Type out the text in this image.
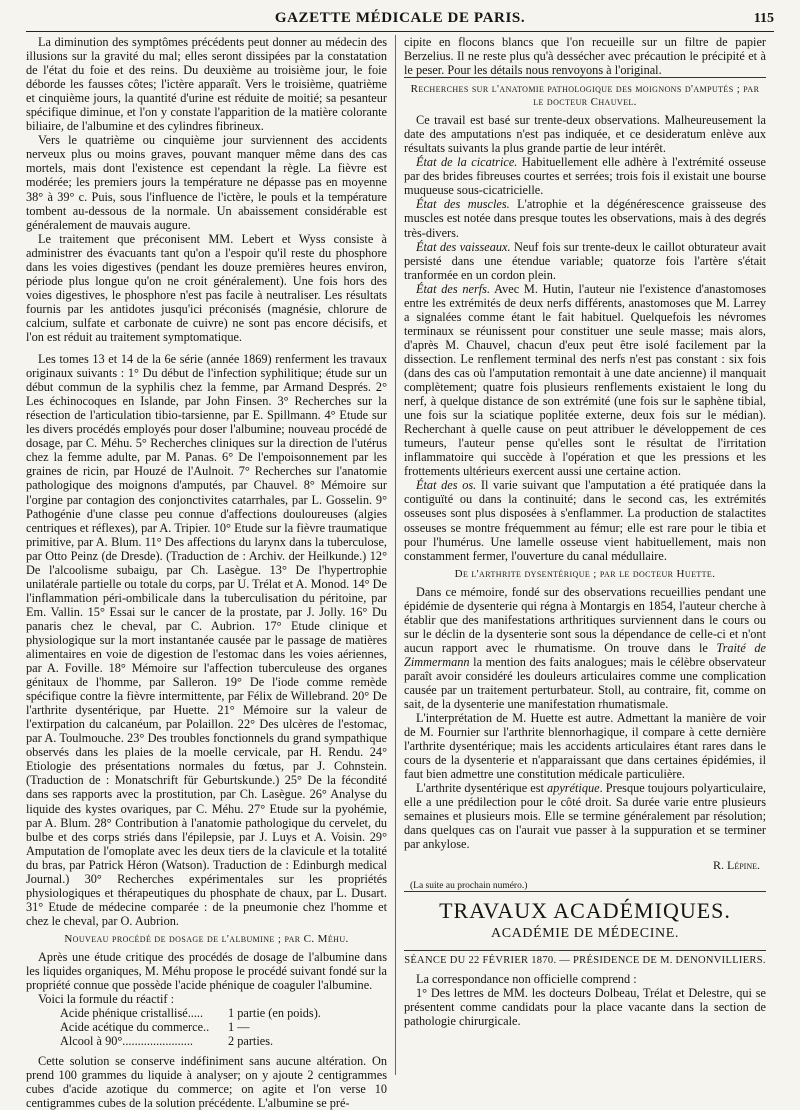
GAZETTE MÉDICALE DE PARIS.	115

La diminution des symptômes précédents peut donner au médecin des illusions sur la gravité du mal; elles seront dissipées par la constatation de l'état du foie et des reins. Du deuxième au troisième jour, le foie déborde les fausses côtes; l'ictère apparaît. Vers le troisième, quatrième et cinquième jours, la quantité d'urine est réduite de moitié; sa pesanteur spécifique diminue, et l'on y constate l'apparition de la matière colorante biliaire, de l'albumine et des cylindres fibrineux.

Vers le quatrième ou cinquième jour surviennent des accidents nerveux plus ou moins graves, pouvant manquer même dans des cas mortels, mais dont l'existence est cependant la règle. La fièvre est modérée; les premiers jours la température ne dépasse pas en moyenne 38° à 39° c. Puis, sous l'influence de l'ictère, le pouls et la température tombent au-dessous de la normale. Un abaissement considérable est généralement de mauvais augure.

Le traitement que préconisent MM. Lebert et Wyss consiste à administrer des évacuants tant qu'on a l'espoir qu'il reste du phosphore dans les voies digestives (pendant les douze premières heures environ, période plus longue qu'on ne croit généralement). Une fois hors des voies digestives, le phosphore n'est pas facile à neutraliser. Les résultats fournis par les antidotes jusqu'ici préconisés (magnésie, chlorure de calcium, sulfate et carbonate de cuivre) ne sont pas encore décisifs, et l'on est réduit au traitement symptomatique.

Les tomes 13 et 14 de la 6e série (année 1869) renferment les travaux originaux suivants : 1° Du début de l'infection syphilitique; étude sur un début commun de la syphilis chez la femme, par Armand Després. 2° Les échinocoques en Islande, par John Finsen. 3° Recherches sur la résection de l'articulation tibio-tarsienne, par E. Spillmann. 4° Etude sur les divers procédés employés pour doser l'albumine; nouveau procédé de dosage, par C. Méhu. 5° Recherches cliniques sur la direction de l'utérus chez la femme adulte, par M. Panas. 6° De l'empoisonnement par les graines de ricin, par Houzé de l'Aulnoit. 7° Recherches sur l'anatomie pathologique des moignons d'amputés, par Chauvel. 8° Mémoire sur l'orgine par contagion des conjonctivites catarrhales, par L. Gosselin. 9° Pathogénie d'une classe peu connue d'affections douloureuses (algies centriques et réflexes), par A. Tripier. 10° Etude sur la fièvre traumatique primitive, par A. Blum. 11° Des affections du larynx dans la tuberculose, par Otto Peinz (de Dresde). (Traduction de : Archiv. der Heilkunde.) 12° De l'alcoolisme subaigu, par Ch. Lasègue. 13° De l'hypertrophie unilatérale partielle ou totale du corps, par U. Trélat et A. Monod. 14° De l'inflammation péri-ombilicale dans la tuberculisation du péritoine, par Em. Vallin. 15° Essai sur le cancer de la prostate, par J. Jolly. 16° Du panaris chez le cheval, par C. Aubrion. 17° Etude clinique et physiologique sur la mort instantanée causée par le passage de matières alimentaires en voie de digestion de l'estomac dans les voies aériennes, par A. Foville. 18° Mémoire sur l'affection tuberculeuse des organes génitaux de l'homme, par Salleron. 19° De l'iode comme remède spécifique contre la fièvre intermittente, par Félix de Willebrand. 20° De l'arthrite dysentérique, par Huette. 21° Mémoire sur la valeur de l'extirpation du calcanéum, par Polaillon. 22° Des ulcères de l'estomac, par A. Toulmouche. 23° Des troubles fonctionnels du grand sympathique observés dans les plaies de la moelle cervicale, par H. Rendu. 24° Etiologie des présentations normales du fœtus, par J. Cohnstein. (Traduction de : Monatschrift für Geburtskunde.) 25° De la fécondité dans ses rapports avec la prostitution, par Ch. Lasègue. 26° Analyse du liquide des kystes ovariques, par C. Méhu. 27° Etude sur la pyohémie, par A. Blum. 28° Contribution à l'anatomie pathologique du cervelet, du bulbe et des corps striés dans l'épilepsie, par J. Luys et A. Voisin. 29° Amputation de l'omoplate avec les deux tiers de la clavicule et la totalité du bras, par Patrick Héron (Watson). Traduction de : Edinburgh medical Journal.) 30° Recherches expérimentales sur les propriétés physiologiques et thérapeutiques du phosphate de chaux, par L. Dusart. 31° Etude de médecine comparée : de la pneumonie chez l'homme et chez le cheval, par O. Aubrion.

Nouveau procédé de dosage de l'albumine ; par C. Méhu.

Après une étude critique des procédés de dosage de l'albumine dans les liquides organiques, M. Méhu propose le procédé suivant fondé sur la propriété connue que possède l'acide phénique de coaguler l'albumine.

Voici la formule du réactif :

Acide phénique cristallisé..... 1 partie (en poids).

Acide acétique du commerce.. 1 —

Alcool à 90°.......................	2 parties.

Cette solution se conserve indéfiniment sans aucune altération. On prend 100 grammes du liquide à analyser; on y ajoute 2 centigrammes cubes d'acide azotique du commerce; on agite et l'on verse 10 centigrammes cubes de la solution précédente. L'albumine se pré-

cipite en flocons blancs que l'on recueille sur un filtre de papier Berzelius. Il ne reste plus qu'à dessécher avec précaution le précipité et à le peser. Pour les détails nous renvoyons à l'original.

Recherches sur l'anatomie pathologique des moignons d'amputés ; par le docteur Chauvel.

Ce travail est basé sur trente-deux observations. Malheureusement la date des amputations n'est pas indiquée, et ce desideratum enlève aux résultats suivants la plus grande partie de leur intérêt.

État de la cicatrice. Habituellement elle adhère à l'extrémité osseuse par des brides fibreuses courtes et serrées; trois fois il existait une bourse muqueuse sous-cicatricielle.

État des muscles. L'atrophie et la dégénérescence graisseuse des muscles est notée dans presque toutes les observations, mais à des degrés très-divers.

État des vaisseaux. Neuf fois sur trente-deux le caillot obturateur avait persisté dans une étendue variable; quatorze fois l'artère s'était tranformée en un cordon plein.

État des nerfs. Avec M. Hutin, l'auteur nie l'existence d'anastomoses entre les extrémités de deux nerfs différents, anastomoses que M. Larrey a signalées comme étant le fait habituel. Quelquefois les névromes terminaux se réunissent pour constituer une seule masse; mais alors, d'après M. Chauvel, chacun d'eux peut être isolé facilement par la dissection. Le renflement terminal des nerfs n'est pas constant : six fois (dans des cas où l'amputation remontait à une date ancienne) il manquait complètement; quatre fois plusieurs renflements existaient le long du nerf, à quelque distance de son extrémité (une fois sur le saphène tibial, une fois sur la sciatique poplitée externe, deux fois sur le médian). Recherchant à quelle cause on peut attribuer le développement de ces tumeurs, l'auteur pense qu'elles sont le résultat de l'irritation inflammatoire qui succède à l'opération et que les pressions et les frottements ultérieurs exercent aussi une certaine action.

État des os. Il varie suivant que l'amputation a été pratiquée dans la contiguïté ou dans la continuité; dans le second cas, les extrémités osseuses sont plus disposées à s'enflammer. La production de stalactites osseuses se montre fréquemment au fémur; elle est rare pour le tibia et pour l'humérus. Une lamelle osseuse vient habituellement, mais non constamment fermer, l'ouverture du canal médullaire.

De l'arthrite dysentérique ; par le docteur Huette.

Dans ce mémoire, fondé sur des observations recueillies pendant une épidémie de dysenterie qui régna à Montargis en 1854, l'auteur cherche à établir que des manifestations arthritiques surviennent dans le cours ou sur le déclin de la dysenterie sont sous la dépendance de celle-ci et n'ont aucun rapport avec le rhumatisme. On trouve dans le Traité de Zimmermann la mention des faits analogues; mais le célèbre observateur paraît avoir considéré les douleurs articulaires comme une complication causée par un traitement perturbateur. Stoll, au contraire, fit, comme on sait, de la dysenterie une manifestation rhumatismale.

L'interprétation de M. Huette est autre. Admettant la manière de voir de M. Fournier sur l'arthrite blennorhagique, il compare à cette dernière l'arthrite dysentérique; mais les accidents articulaires étant rares dans le cours de la dysenterie et n'apparaissant que dans certaines épidémies, il faut bien admettre une constitution médicale particulière.

L'arthrite dysentérique est apyrétique. Presque toujours polyarticulaire, elle a une prédilection pour le côté droit. Sa durée varie entre plusieurs semaines et plusieurs mois. Elle se termine généralement par résolution; dans quelques cas on l'aurait vue passer à la suppuration et se terminer par ankylose.

R. Lépine.

(La suite au prochain numéro.)

TRAVAUX ACADÉMIQUES.

ACADÉMIE DE MÉDECINE.

SÉANCE DU 22 FÉVRIER 1870. — PRÉSIDENCE DE M. DENONVILLIERS.

La correspondance non officielle comprend :

1° Des lettres de MM. les docteurs Dolbeau, Trélat et Delestre, qui se présentent comme candidats pour la place vacante dans la section de pathologie chirurgicale.
